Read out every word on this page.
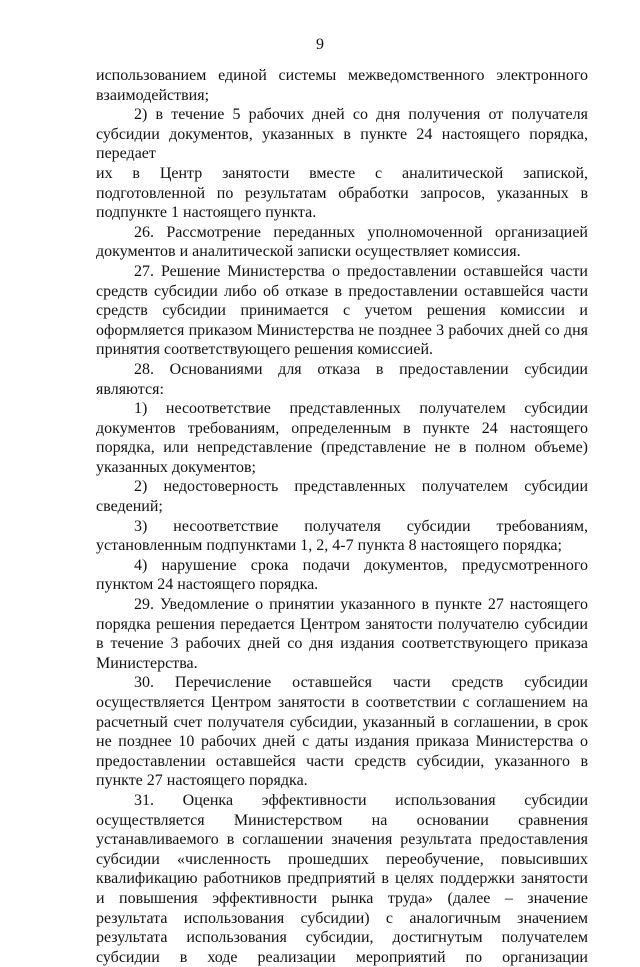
9

использованием единой системы межведомственного электронного взаимодействия;

2) в течение 5 рабочих дней со дня получения от получателя субсидии документов, указанных в пункте 24 настоящего порядка, передает

их в Центр занятости вместе с аналитической запиской, подготовленной по результатам обработки запросов, указанных в подпункте 1 настоящего пункта.

26. Рассмотрение переданных уполномоченной организацией документов и аналитической записки осуществляет комиссия.

27. Решение Министерства о предоставлении оставшейся части средств субсидии либо об отказе в предоставлении оставшейся части средств субсидии принимается с учетом решения комиссии и оформляется приказом Министерства не позднее 3 рабочих дней со дня принятия соответствующего решения комиссией.

28. Основаниями для отказа в предоставлении субсидии являются:

1) несоответствие представленных получателем субсидии документов требованиям, определенным в пункте 24 настоящего порядка, или непредставление (представление не в полном объеме) указанных документов;

2) недостоверность представленных получателем субсидии сведений;

3) несоответствие получателя субсидии требованиям, установленным подпунктами 1, 2, 4-7 пункта 8 настоящего порядка;

4) нарушение срока подачи документов, предусмотренного пунктом 24 настоящего порядка.

29. Уведомление о принятии указанного в пункте 27 настоящего порядка решения передается Центром занятости получателю субсидии в течение 3 рабочих дней со дня издания соответствующего приказа Министерства.

30. Перечисление оставшейся части средств субсидии осуществляется Центром занятости в соответствии с соглашением на расчетный счет получателя субсидии, указанный в соглашении, в срок не позднее 10 рабочих дней с даты издания приказа Министерства о предоставлении оставшейся части средств субсидии, указанного в пункте 27 настоящего порядка.

31. Оценка эффективности использования субсидии осуществляется Министерством на основании сравнения устанавливаемого в соглашении значения результата предоставления субсидии «численность прошедших переобучение, повысивших квалификацию работников предприятий в целях поддержки занятости и повышения эффективности рынка труда» (далее – значение результата использования субсидии) с аналогичным значением результата использования субсидии, достигнутым получателем субсидии в ходе реализации мероприятий по организации
